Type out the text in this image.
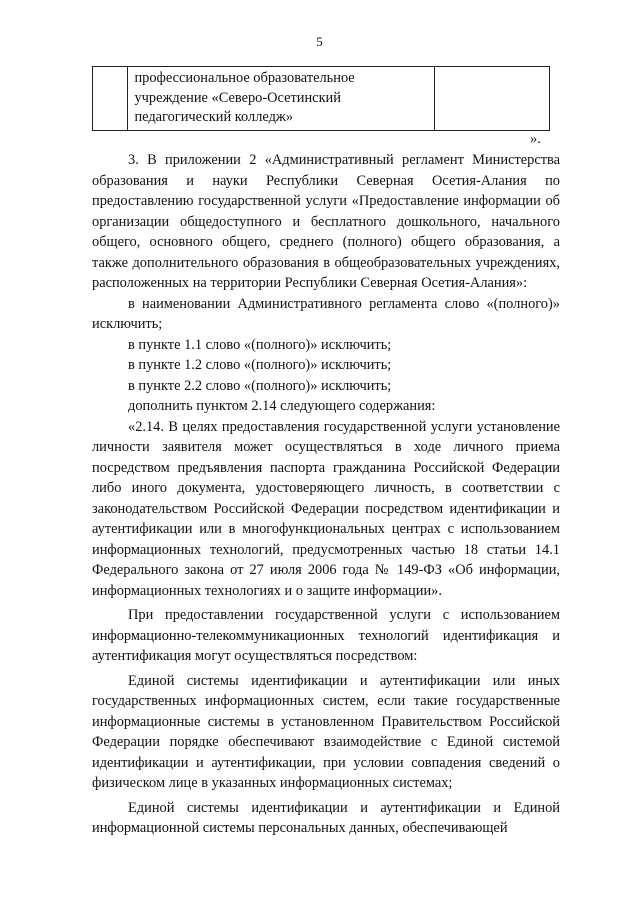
5
	профессиональное образовательное учреждение «Северо-Осетинский педагогический колледж»	
».

3. В приложении 2 «Административный регламент Министерства образования и науки Республики Северная Осетия-Алания по предоставлению государственной услуги «Предоставление информации об организации общедоступного и бесплатного дошкольного, начального общего, основного общего, среднего (полного) общего образования, а также дополнительного образования в общеобразовательных учреждениях, расположенных на территории Республики Северная Осетия-Алания»:

в наименовании Административного регламента слово «(полного)» исключить;

в пункте 1.1 слово «(полного)» исключить;

в пункте 1.2 слово «(полного)» исключить;

в пункте 2.2 слово «(полного)» исключить;

дополнить пунктом 2.14 следующего содержания:

«2.14. В целях предоставления государственной услуги установление личности заявителя может осуществляться в ходе личного приема посредством предъявления паспорта гражданина Российской Федерации либо иного документа, удостоверяющего личность, в соответствии с законодательством Российской Федерации посредством идентификации и аутентификации или в многофункциональных центрах с использованием информационных технологий, предусмотренных частью 18 статьи 14.1 Федерального закона от 27 июля 2006 года № 149-ФЗ «Об информации, информационных технологиях и о защите информации».

При предоставлении государственной услуги с использованием информационно-телекоммуникационных технологий идентификация и аутентификация могут осуществляться посредством:

Единой системы идентификации и аутентификации или иных государственных информационных систем, если такие государственные информационные системы в установленном Правительством Российской Федерации порядке обеспечивают взаимодействие с Единой системой идентификации и аутентификации, при условии совпадения сведений о физическом лице в указанных информационных системах;

Единой системы идентификации и аутентификации и Единой информационной системы персональных данных, обеспечивающей
